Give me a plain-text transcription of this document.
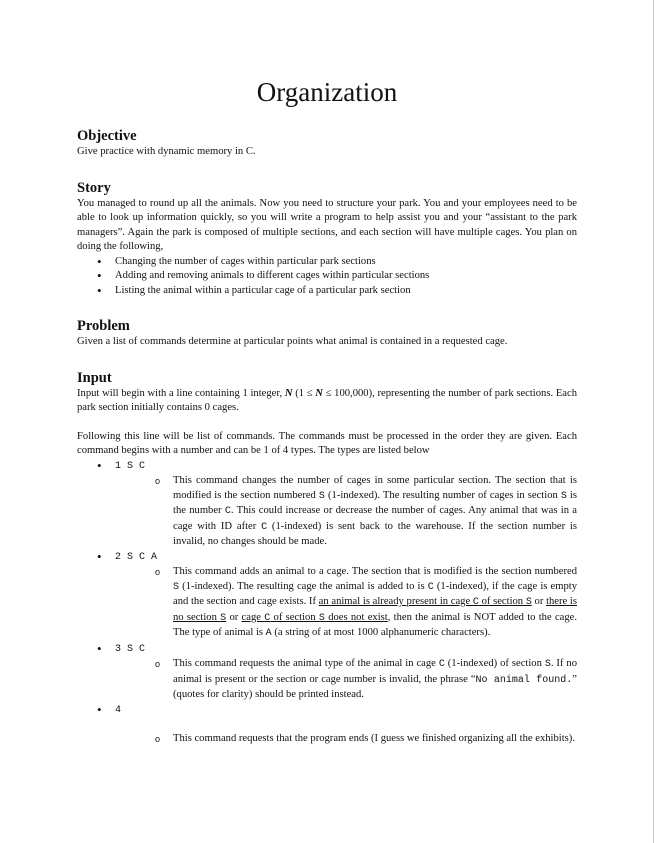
Organization
Objective

Give practice with dynamic memory in C.

Story

You managed to round up all the animals. Now you need to structure your park. You and your employees need to be able to look up information quickly, so you will write a program to help assist you and your “assistant to the park managers”. Again the park is composed of multiple sections, and each section will have multiple cages. You plan on doing the following,

• Changing the number of cages within particular park sections
• Adding and removing animals to different cages within particular sections
• Listing the animal within a particular cage of a particular park section
Problem

Given a list of commands determine at particular points what animal is contained in a requested cage.

Input

Input will begin with a line containing 1 integer, N (1 ≤ N ≤ 100,000), representing the number of park sections. Each park section initially contains 0 cages.

Following this line will be list of commands. The commands must be processed in the order they are given. Each command begins with a number and can be 1 of 4 types. The types are listed below

• 1 S C
o This command changes the number of cages in some particular section. The section that is modified is the section numbered S (1-indexed). The resulting number of cages in section S is the number C. This could increase or decrease the number of cages. Any animal that was in a cage with ID after C (1-indexed) is sent back to the warehouse. If the section number is invalid, no changes should be made.
• 2 S C A
o This command adds an animal to a cage. The section that is modified is the section numbered S (1-indexed). The resulting cage the animal is added to is C (1-indexed), if the cage is empty and the section and cage exists. If an animal is already present in cage C of section S or there is no section S or cage C of section S does not exist, then the animal is NOT added to the cage. The type of animal is A (a string of at most 1000 alphanumeric characters).
• 3 S C
o This command requests the animal type of the animal in cage C (1-indexed) of section S. If no animal is present or the section or cage number is invalid, the phrase “No animal found.” (quotes for clarity) should be printed instead.
• 4
o This command requests that the program ends (I guess we finished organizing all the exhibits).
